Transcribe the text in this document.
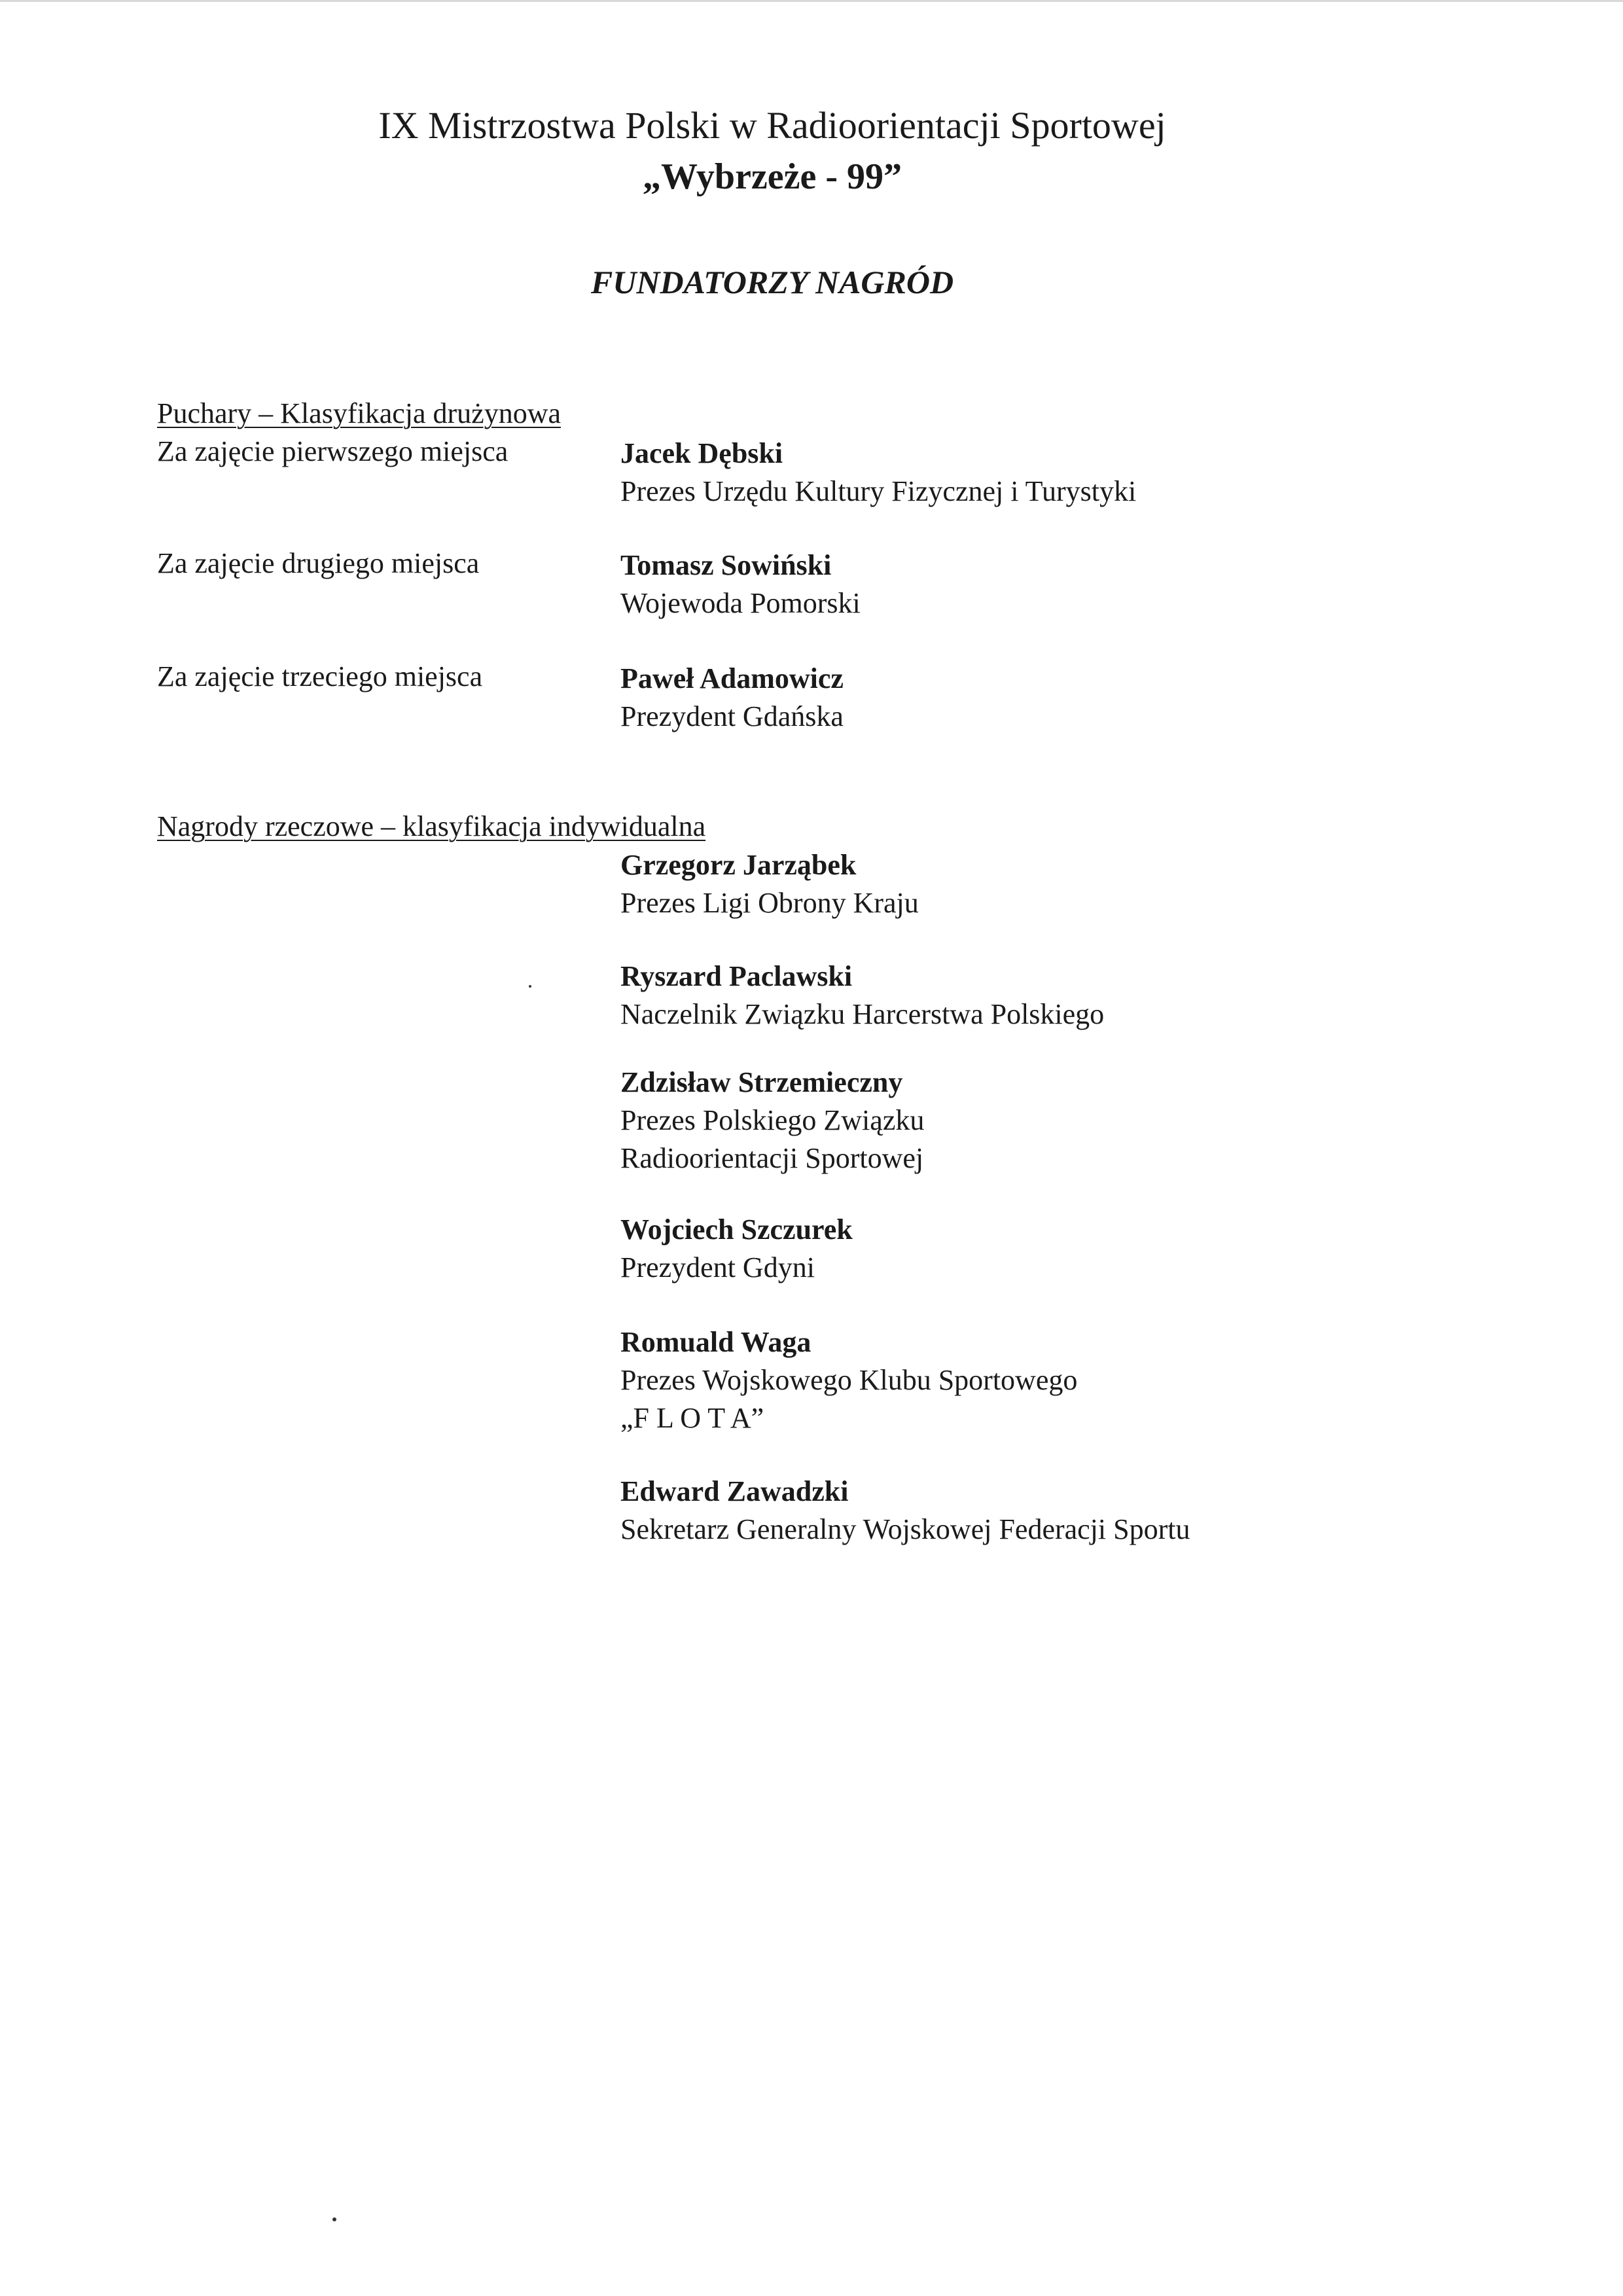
IX Mistrzostwa Polski w Radioorientacji Sportowej
„Wybrzeże - 99”
FUNDATORZY NAGRÓD
Puchary – Klasyfikacja drużynowa
Za zajęcie pierwszego miejsca	Jacek Dębski
Prezes Urzędu Kultury Fizycznej i Turystyki
Za zajęcie drugiego miejsca	Tomasz Sowiński
Wojewoda Pomorski
Za zajęcie trzeciego miejsca	Paweł Adamowicz
Prezydent Gdańska
Nagrody rzeczowe – klasyfikacja indywidualna
Grzegorz Jarząbek
Prezes Ligi Obrony Kraju
Ryszard Paclawski
Naczelnik Związku Harcerstwa Polskiego
Zdzisław Strzemieczny
Prezes Polskiego Związku
Radioorientacji Sportowej
Wojciech Szczurek
Prezydent Gdyni
Romuald Waga
Prezes Wojskowego Klubu Sportowego
„F L O T A”
Edward Zawadzki
Sekretarz Generalny Wojskowej Federacji Sportu
